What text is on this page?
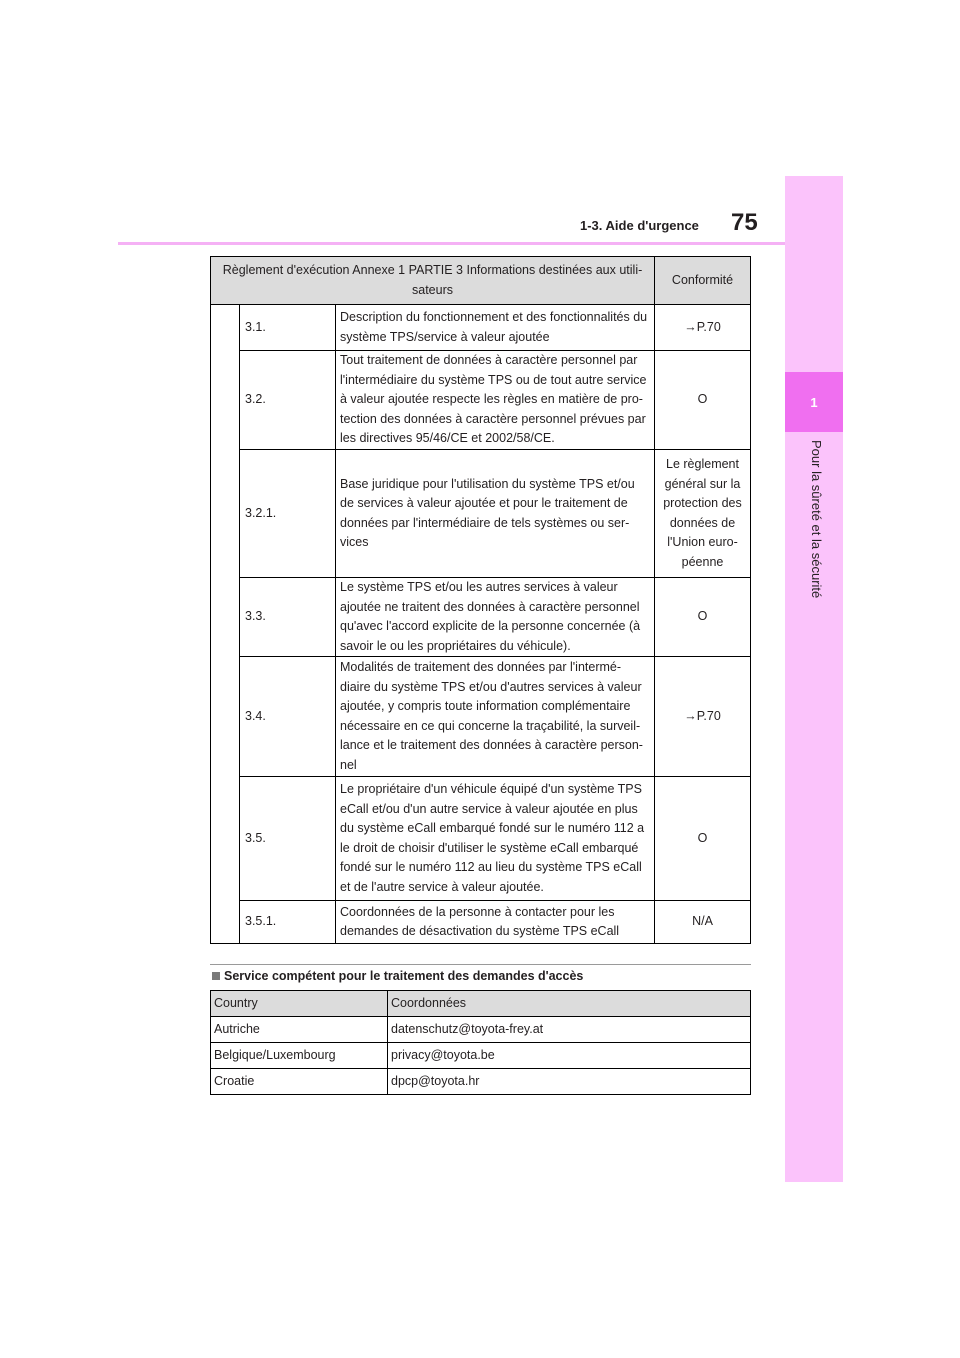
1
Pour la sûreté et la sécurité
1-3. Aide d'urgence 75
Règlement d'exécution Annexe 1 PARTIE 3 Informations destinées aux utili- sateurs			Conformité
	3.1.	Description du fonctionnement et des fonctionnalités du système TPS/service à valeur ajoutée	→P.70
	3.2.	Tout traitement de données à caractère personnel par l'intermédiaire du système TPS ou de tout autre service à valeur ajoutée respecte les règles en matière de pro- tection des données à caractère personnel prévues par les directives 95/46/CE et 2002/58/CE.	O
	3.2.1.	Base juridique pour l'utilisation du système TPS et/ou de services à valeur ajoutée et pour le traitement de données par l'intermédiaire de tels systèmes ou ser- vices	Le règlement général sur la protection des données de l'Union euro- péenne
	3.3.	Le système TPS et/ou les autres services à valeur ajoutée ne traitent des données à caractère personnel qu'avec l'accord explicite de la personne concernée (à savoir le ou les propriétaires du véhicule).	O
	3.4.	Modalités de traitement des données par l'intermé- diaire du système TPS et/ou d'autres services à valeur ajoutée, y compris toute information complémentaire nécessaire en ce qui concerne la traçabilité, la surveil- lance et le traitement des données à caractère person- nel	→P.70
	3.5.	Le propriétaire d'un véhicule équipé d'un système TPS eCall et/ou d'un autre service à valeur ajoutée en plus du système eCall embarqué fondé sur le numéro 112 a le droit de choisir d'utiliser le système eCall embarqué fondé sur le numéro 112 au lieu du système TPS eCall et de l'autre service à valeur ajoutée.	O
	3.5.1.	Coordonnées de la personne à contacter pour les demandes de désactivation du système TPS eCall	N/A
Service compétent pour le traitement des demandes d'accès
Country	Coordonnées
Autriche	datenschutz@toyota-frey.at
Belgique/Luxembourg	privacy@toyota.be
Croatie	dpcp@toyota.hr
